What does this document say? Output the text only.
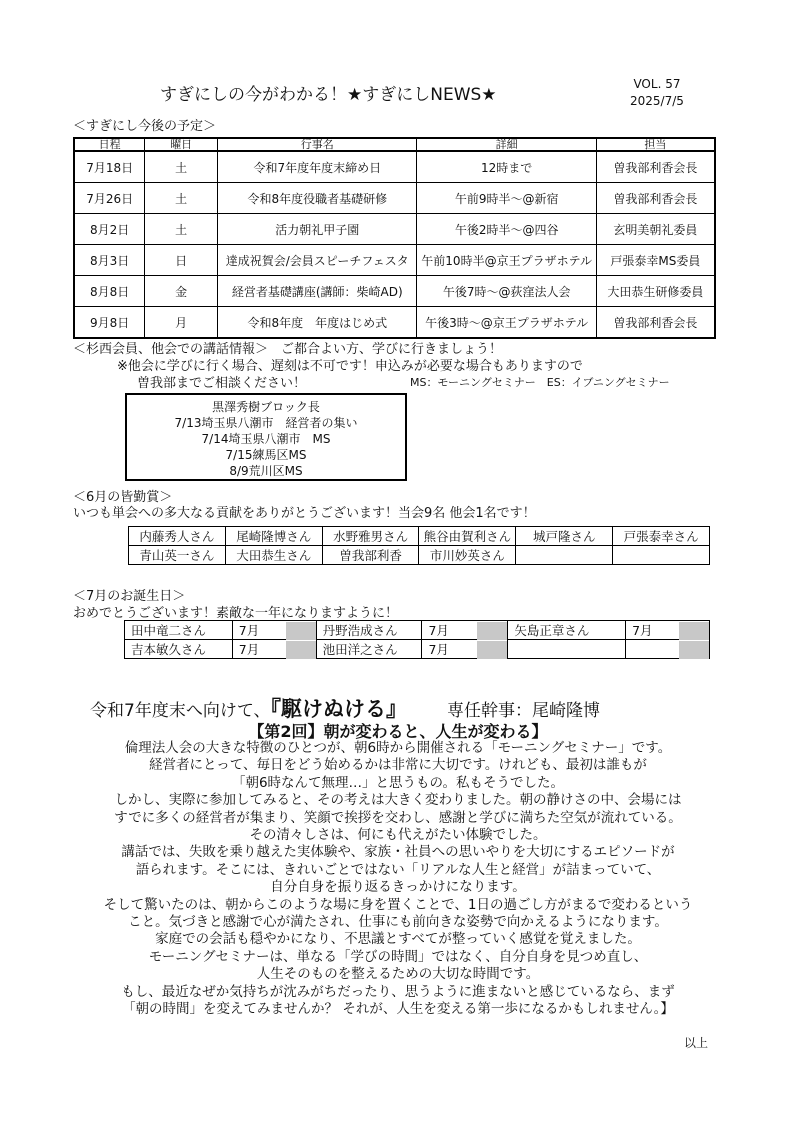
すぎにしの今がわかる！★すぎにしNEWS★
VOL. 57
2025/7/5
＜すぎにし今後の予定＞
日程	曜日	行事名	詳細	担当
7月18日	土	令和7年度年度末締め日	12時まで	曽我部利香会長
7月26日	土	令和8年度役職者基礎研修	午前9時半～@新宿	曽我部利香会長
8月2日	土	活力朝礼甲子園	午後2時半～@四谷	玄明美朝礼委員
8月3日	日	達成祝賀会/会員スピーチフェスタ	午前10時半@京王プラザホテル	戸張泰幸MS委員
8月8日	金	経営者基礎講座(講師：柴崎AD)	午後7時～@荻窪法人会	大田恭生研修委員
9月8日	月	令和8年度　年度はじめ式	午後3時～@京王プラザホテル	曽我部利香会長
＜杉西会員、他会での講話情報＞　ご都合よい方、学びに行きましょう！
※他会に学びに行く場合、遅刻は不可です！申込みが必要な場合もありますので
曽我部までご相談ください！	MS：モーニングセミナー　ES：イブニングセミナー
黒澤秀樹ブロック長
7/13埼玉県八潮市　経営者の集い
7/14埼玉県八潮市　MS
7/15練馬区MS
8/9荒川区MS
＜6月の皆勤賞＞
いつも単会への多大なる貢献をありがとうございます！当会9名 他会1名です！
内藤秀人さん	尾崎隆博さん	水野雅男さん	熊谷由賀利さん	城戸隆さん	戸張泰幸さん
青山英一さん	大田恭生さん	曽我部利香	市川妙英さん		
＜7月のお誕生日＞
おめでとうございます！素敵な一年になりますように！
田中竜二さん	7月	丹野浩成さん	7月	矢島正章さん	7月

吉本敏久さん	7月	池田洋之さん	7月

令和7年度末へ向けて、『駆けぬける』 専任幹事：尾崎隆博
【第2回】朝が変わると、人生が変わる】

倫理法人会の大きな特徴のひとつが、朝6時から開催される「モーニングセミナー」です。

経営者にとって、毎日をどう始めるかは非常に大切です。けれども、最初は誰もが

「朝6時なんて無理…」と思うもの。私もそうでした。

しかし、実際に参加してみると、その考えは大きく変わりました。朝の静けさの中、会場には

すでに多くの経営者が集まり、笑顔で挨拶を交わし、感謝と学びに満ちた空気が流れている。

その清々しさは、何にも代えがたい体験でした。

講話では、失敗を乗り越えた実体験や、家族・社員への思いやりを大切にするエピソードが

語られます。そこには、きれいごとではない「リアルな人生と経営」が詰まっていて、

自分自身を振り返るきっかけになります。

そして驚いたのは、朝からこのような場に身を置くことで、1日の過ごし方がまるで変わるという

こと。気づきと感謝で心が満たされ、仕事にも前向きな姿勢で向かえるようになります。

家庭での会話も穏やかになり、不思議とすべてが整っていく感覚を覚えました。

モーニングセミナーは、単なる「学びの時間」ではなく、自分自身を見つめ直し、

人生そのものを整えるための大切な時間です。

もし、最近なぜか気持ちが沈みがちだったり、思うように進まないと感じているなら、まず

「朝の時間」を変えてみませんか？ それが、人生を変える第一歩になるかもしれません。】

以上
